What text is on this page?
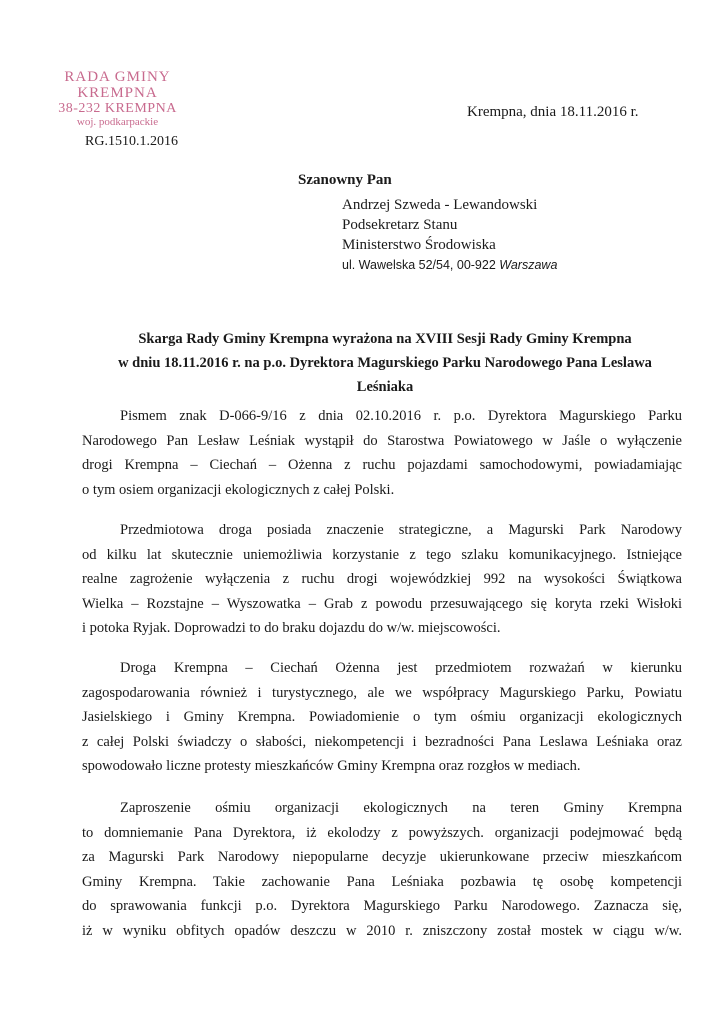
RADA GMINY
KREMPNA
38-232 KREMPNA
woj. podkarpackie
RG.1510.1.2016
Krempna, dnia 18.11.2016 r.
Szanowny Pan
Andrzej Szweda - Lewandowski
Podsekretarz Stanu
Ministerstwo Środowiska
ul. Wawelska 52/54, 00-922 Warszawa
Skarga Rady Gminy Krempna wyrażona na XVIII Sesji Rady Gminy Krempna
w dniu 18.11.2016 r. na p.o. Dyrektora Magurskiego Parku Narodowego Pana Leslawa
Leśniaka
Pismem znak D-066-9/16 z dnia 02.10.2016 r. p.o. Dyrektora Magurskiego Parku
Narodowego Pan Lesław Leśniak wystąpił do Starostwa Powiatowego w Jaśle o wyłączenie
drogi Krempna – Ciechań – Ożenna z ruchu pojazdami samochodowymi, powiadamiając
o tym osiem organizacji ekologicznych z całej Polski.
Przedmiotowa droga posiada znaczenie strategiczne, a Magurski Park Narodowy
od kilku lat skutecznie uniemożliwia korzystanie z tego szlaku komunikacyjnego. Istniejące
realne zagrożenie wyłączenia z ruchu drogi wojewódzkiej 992 na wysokości Świątkowa
Wielka – Rozstajne – Wyszowatka – Grab z powodu przesuwającego się koryta rzeki Wisłoki
i potoka Ryjak. Doprowadzi to do braku dojazdu do w/w. miejscowości.
Droga Krempna – Ciechań Ożenna jest przedmiotem rozważań w kierunku
zagospodarowania również i turystycznego, ale we współpracy Magurskiego Parku, Powiatu
Jasielskiego i Gminy Krempna. Powiadomienie o tym ośmiu organizacji ekologicznych
z całej Polski świadczy o słabości, niekompetencji i bezradności Pana Leslawa Leśniaka oraz
spowodowało liczne protesty mieszkańców Gminy Krempna oraz rozgłos w mediach.
Zaproszenie ośmiu organizacji ekologicznych na teren Gminy Krempna
to domniemanie Pana Dyrektora, iż ekolodzy z powyższych. organizacji podejmować będą
za Magurski Park Narodowy niepopularne decyzje ukierunkowane przeciw mieszkańcom
Gminy Krempna. Takie zachowanie Pana Leśniaka pozbawia tę osobę kompetencji
do sprawowania funkcji p.o. Dyrektora Magurskiego Parku Narodowego. Zaznacza się,
iż w wyniku obfitych opadów deszczu w 2010 r. zniszczony został mostek w ciągu w/w.
